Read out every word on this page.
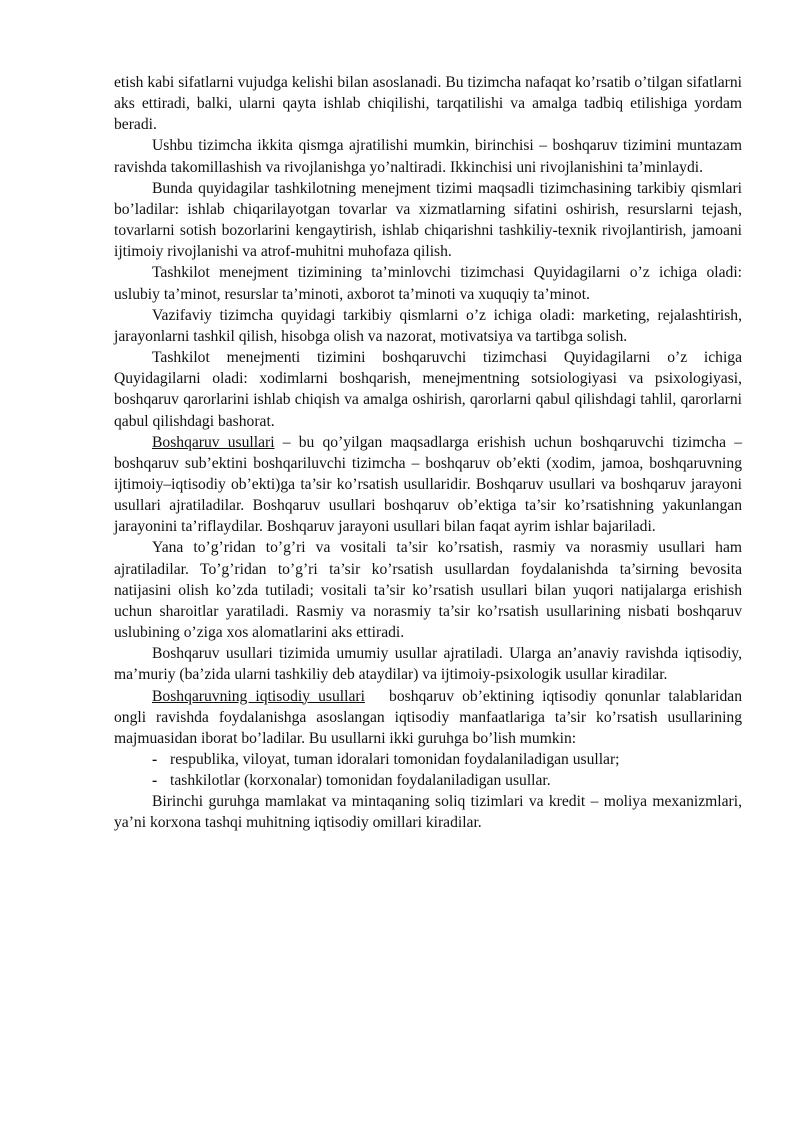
etish kabi sifatlarni vujudga kelishi bilan asoslanadi. Bu tizimcha nafaqat ko’rsatib o’tilgan sifatlarni aks ettiradi, balki, ularni qayta ishlab chiqilishi, tarqatilishi va amalga tadbiq etilishiga yordam beradi.

Ushbu tizimcha ikkita qismga ajratilishi mumkin, birinchisi – boshqaruv tizimini muntazam ravishda takomillashish va rivojlanishga yo’naltiradi. Ikkinchisi uni rivojlanishini ta’minlaydi.

Bunda quyidagilar tashkilotning menejment tizimi maqsadli tizimchasining tarkibiy qismlari bo’ladilar: ishlab chiqarilayotgan tovarlar va xizmatlarning sifatini oshirish, resurslarni tejash, tovarlarni sotish bozorlarini kengaytirish, ishlab chiqarishni tashkiliy-texnik rivojlantirish, jamoani ijtimoiy rivojlanishi va atrof-muhitni muhofaza qilish.

Tashkilot menejment tizimining ta’minlovchi tizimchasi Quyidagilarni o’z ichiga oladi: uslubiy ta’minot, resurslar ta’minoti, axborot ta’minoti va xuquqiy ta’minot.

Vazifaviy tizimcha quyidagi tarkibiy qismlarni o’z ichiga oladi: marketing, rejalashtirish, jarayonlarni tashkil qilish, hisobga olish va nazorat, motivatsiya va tartibga solish.

Tashkilot menejmenti tizimini boshqaruvchi tizimchasi Quyidagilarni o’z ichiga Quyidagilarni oladi: xodimlarni boshqarish, menejmentning sotsiologiyasi va psixologiyasi, boshqaruv qarorlarini ishlab chiqish va amalga oshirish, qarorlarni qabul qilishdagi tahlil, qarorlarni qabul qilishdagi bashorat.

Boshqaruv usullari – bu qo’yilgan maqsadlarga erishish uchun boshqaruvchi tizimcha – boshqaruv sub’ektini boshqariluvchi tizimcha – boshqaruv ob’ekti (xodim, jamoa, boshqaruvning ijtimoiy–iqtisodiy ob’ekti)ga ta’sir ko’rsatish usullaridir. Boshqaruv usullari va boshqaruv jarayoni usullari ajratiladilar. Boshqaruv usullari boshqaruv ob’ektiga ta’sir ko’rsatishning yakunlangan jarayonini ta’riflaydilar. Boshqaruv jarayoni usullari bilan faqat ayrim ishlar bajariladi.

Yana to’g’ridan to’g’ri va vositali ta’sir ko’rsatish, rasmiy va norasmiy usullari ham ajratiladilar. To’g’ridan to’g’ri ta’sir ko’rsatish usullardan foydalanishda ta’sirning bevosita natijasini olish ko’zda tutiladi; vositali ta’sir ko’rsatish usullari bilan yuqori natijalarga erishish uchun sharoitlar yaratiladi. Rasmiy va norasmiy ta’sir ko’rsatish usullarining nisbati boshqaruv uslubining o’ziga xos alomatlarini aks ettiradi.

Boshqaruv usullari tizimida umumiy usullar ajratiladi. Ularga an’anaviy ravishda iqtisodiy, ma’muriy (ba’zida ularni tashkiliy deb ataydilar) va ijtimoiy-psixologik usullar kiradilar.

Boshqaruvning iqtisodiy usullari boshqaruv ob’ektining iqtisodiy qonunlar talablaridan ongli ravishda foydalanishga asoslangan iqtisodiy manfaatlariga ta’sir ko’rsatish usullarining majmuasidan iborat bo’ladilar. Bu usullarni ikki guruhga bo’lish mumkin:

- respublika, viloyat, tuman idoralari tomonidan foydalaniladigan usullar;

- tashkilotlar (korxonalar) tomonidan foydalaniladigan usullar.

Birinchi guruhga mamlakat va mintaqaning soliq tizimlari va kredit – moliya mexanizmlari, ya’ni korxona tashqi muhitning iqtisodiy omillari kiradilar.
